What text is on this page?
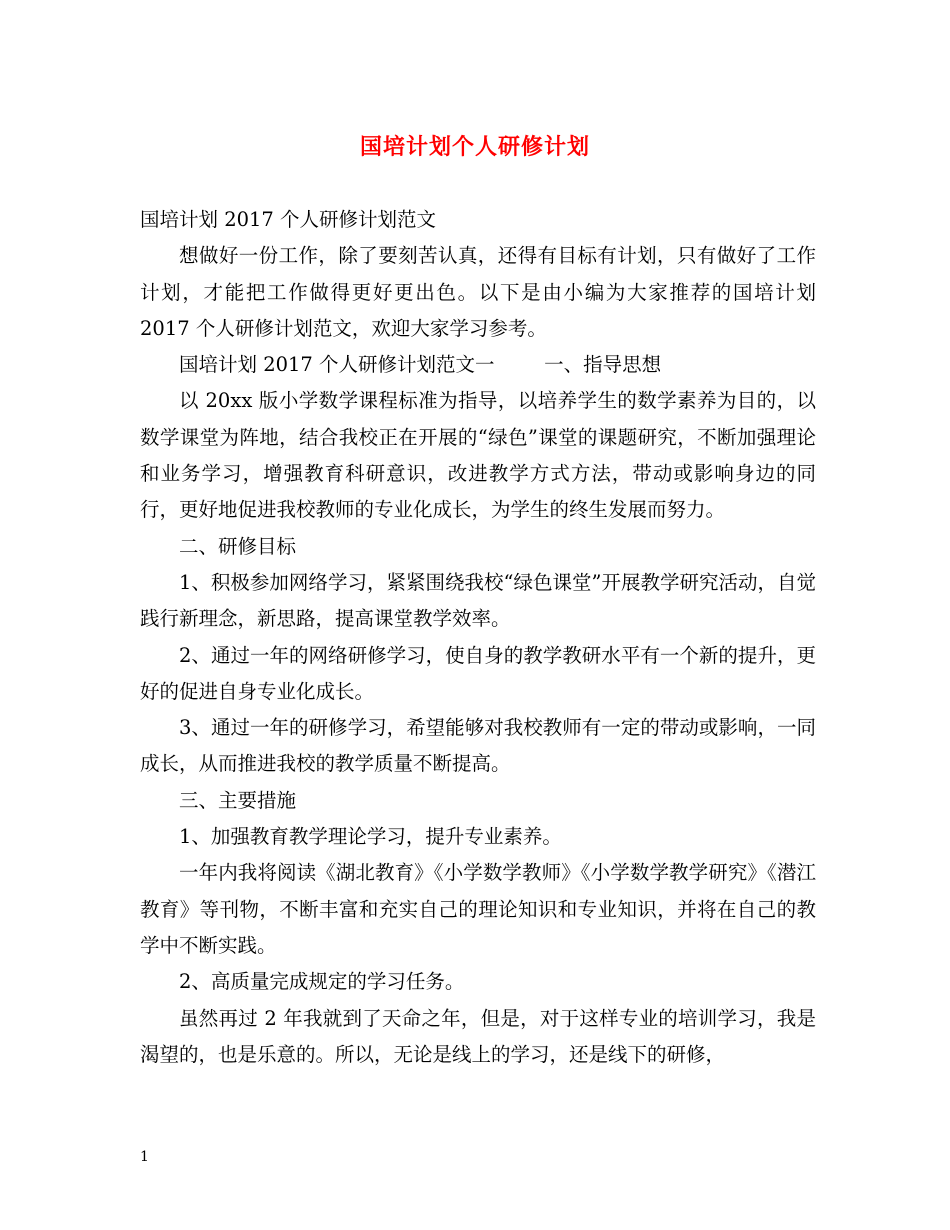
国培计划个人研修计划

国培计划 2017 个人研修计划范文

想做好一份工作，除了要刻苦认真，还得有目标有计划，只有做好了工作计划，才能把工作做得更好更出色。以下是由小编为大家推荐的国培计划 2017 个人研修计划范文，欢迎大家学习参考。

国培计划 2017 个人研修计划范文一        一、指导思想

以 20xx 版小学数学课程标准为指导，以培养学生的数学素养为目的，以数学课堂为阵地，结合我校正在开展的“绿色”课堂的课题研究，不断加强理论和业务学习，增强教育科研意识，改进教学方式方法，带动或影响身边的同行，更好地促进我校教师的专业化成长，为学生的终生发展而努力。

二、研修目标

1、积极参加网络学习，紧紧围绕我校“绿色课堂”开展教学研究活动，自觉践行新理念，新思路，提高课堂教学效率。

2、通过一年的网络研修学习，使自身的教学教研水平有一个新的提升，更好的促进自身专业化成长。

3、通过一年的研修学习，希望能够对我校教师有一定的带动或影响，一同成长，从而推进我校的教学质量不断提高。

三、主要措施

1、加强教育教学理论学习，提升专业素养。

一年内我将阅读《湖北教育》《小学数学教师》《小学数学教学研究》《潜江教育》等刊物，不断丰富和充实自己的理论知识和专业知识，并将在自己的教学中不断实践。

2、高质量完成规定的学习任务。

虽然再过 2 年我就到了天命之年，但是，对于这样专业的培训学习，我是渴望的，也是乐意的。所以，无论是线上的学习，还是线下的研修，

1
